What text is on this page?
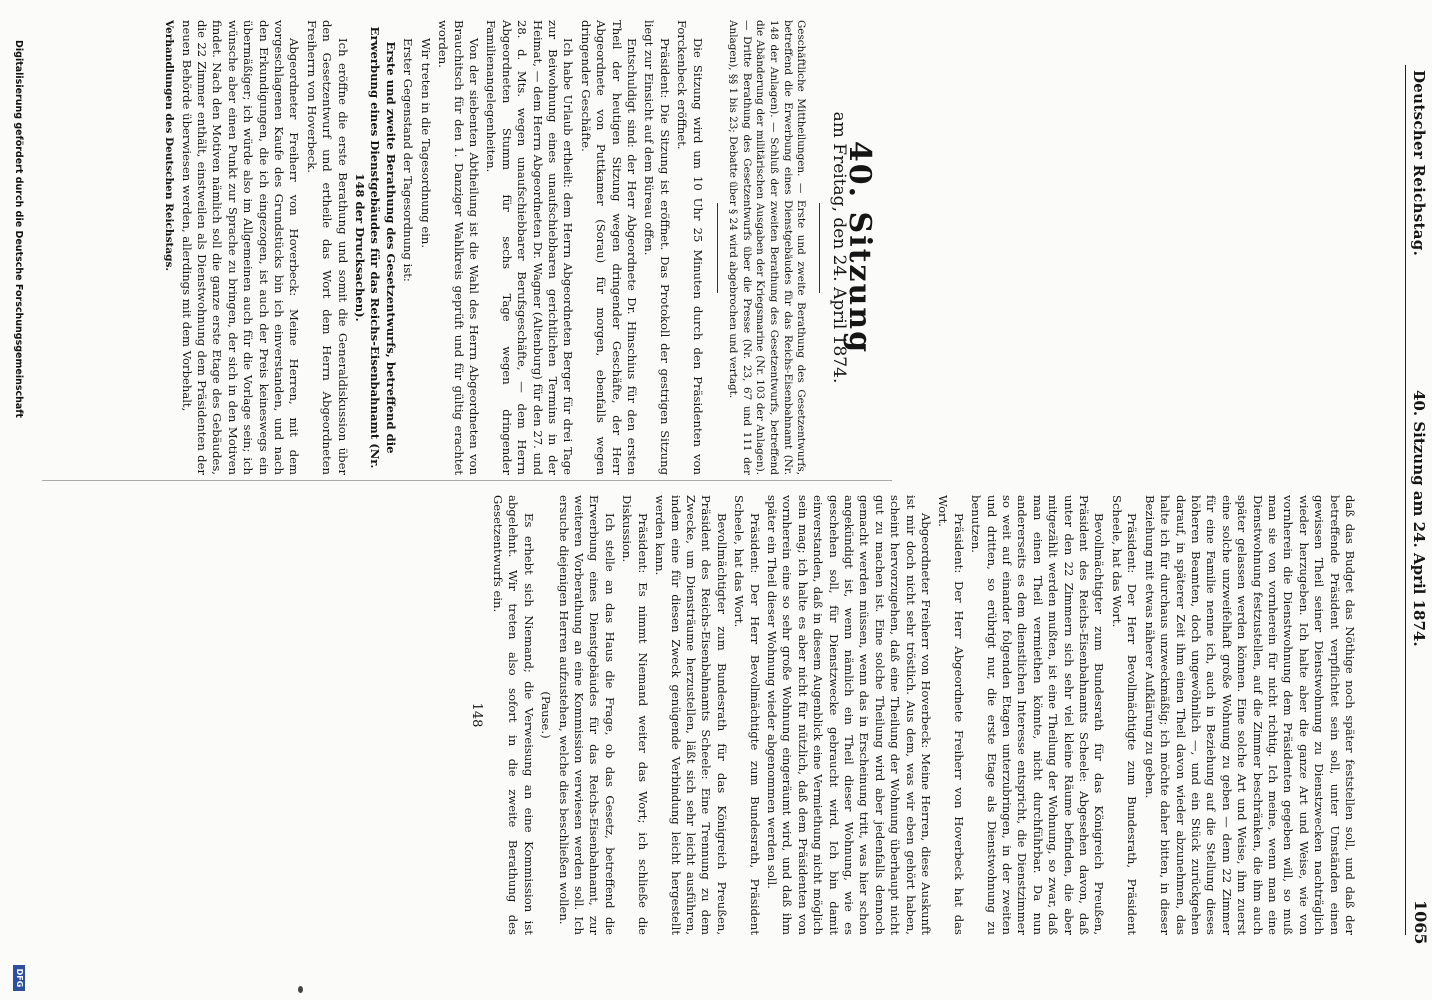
Deutscher Reichstag.
40. Sitzung am 24. April 1874.
1065
40. Sitzung
am Freitag, den 24. April 1874.

Geschäftliche Mittheilungen. — Erste und zweite Berathung des Gesetzentwurfs, betreffend die Erwerbung eines Dienstgebäudes für das Reichs-Eisenbahnamt (Nr. 148 der Anlagen). — Schluß der zweiten Berathung des Gesetzentwurfs, betreffend die Abänderung der militärischen Ausgaben der Kriegsmarine (Nr. 103 der Anlagen). — Dritte Berathung des Gesetzentwurfs über die Presse (Nr. 23, 67 und 111 der Anlagen), §§ 1 bis 23; Debatte über § 24 wird abgebrochen und vertagt.

Die Sitzung wird um 10 Uhr 25 Minuten durch den Präsidenten von Forckenbeck eröffnet.

Präsident: Die Sitzung ist eröffnet. Das Protokoll der gestrigen Sitzung liegt zur Einsicht auf dem Büreau offen.

Entschuldigt sind: der Herr Abgeordnete Dr. Hinschius für den ersten Theil der heutigen Sitzung wegen dringender Geschäfte, der Herr Abgeordnete von Puttkamer (Sorau) für morgen, ebenfalls wegen dringender Geschäfte.

Ich habe Urlaub ertheilt: dem Herrn Abgeordneten Berger für drei Tage zur Beiwohnung eines unaufschiebbaren gerichtlichen Termins in der Heimat, — dem Herrn Abgeordneten Dr. Wagner (Altenburg) für den 27. und 28. d. Mts. wegen unaufschiebbarer Berufsgeschäfte, — dem Herrn Abgeordneten Stumm für sechs Tage wegen dringender Familienangelegenheiten.

Von der siebenten Abtheilung ist die Wahl des Herrn Abgeordneten von Brauchitsch für den 1. Danziger Wahlkreis geprüft und für gültig erachtet worden.

Wir treten in die Tagesordnung ein.

Erster Gegenstand der Tagesordnung ist:

Erste und zweite Berathung des Gesetzentwurfs, betreffend die Erwerbung eines Dienstgebäudes für das Reichs-Eisenbahnamt (Nr. 148 der Drucksachen).

Ich eröffne die erste Berathung und somit die Generaldiskussion über den Gesetzentwurf und ertheile das Wort dem Herrn Abgeordneten Freiherrn von Hoverbeck.

Abgeordneter Freiherr von Hoverbeck: Meine Herren, mit dem vorgeschlagenen Kaufe des Grundstücks bin ich einverstanden, und nach den Erkundigungen, die ich eingezogen, ist auch der Preis keineswegs ein übermäßiger; ich würde also im Allgemeinen auch für die Vorlage sein; ich wünsche aber einen Punkt zur Sprache zu bringen, der sich in den Motiven findet. Nach den Motiven nämlich soll die ganze erste Etage des Gebäudes, die 22 Zimmer enthält, einstweilen als Dienstwohnung dem Präsidenten der neuen Behörde überwiesen werden, allerdings mit dem Vorbehalt,

Verhandlungen des Deutschen Reichstags.

daß das Budget das Nöthige noch später feststellen soll, und daß der betreffende Präsident verpflichtet sein soll, unter Umständen einen gewissen Theil seiner Dienstwohnung zu Dienstzwecken nachträglich wieder herzugeben. Ich halte aber die ganze Art und Weise, wie von vornherein die Dienstwohnung dem Präsidenten gegeben will, so muß man sie von vornherein für nicht richtig. Ich meine, wenn man eine Dienstwohnung festzustellen, auf die Zimmer beschränken, die ihm auch später gelassen werden können. Eine solche Art und Weise, ihm zuerst eine solche unzweifelhaft große Wohnung zu geben — denn 22 Zimmer für eine Familie nenne ich, auch in Beziehung auf die Stellung dieses höheren Beamten, doch ungewöhnlich —, und ein Stück zurückgehen darauf, in späterer Zeit ihm einen Theil davon wieder abzunehmen, das halte ich für durchaus unzweckmäßig; ich möchte daher bitten, in dieser Beziehung mit etwas näherer Aufklärung zu geben.

Präsident: Der Herr Bevollmächtigte zum Bundesrath, Präsident Scheele, hat das Wort.

Bevollmächtigter zum Bundesrath für das Königreich Preußen, Präsident des Reichs-Eisenbahnamts Scheele: Abgesehen davon, daß unter den 22 Zimmern sich sehr viel kleine Räume befinden, die aber mitgezählt werden mußten, ist eine Theilung der Wohnung, so zwar, daß man einen Theil vermiethen könnte, nicht durchführbar. Da nun andererseits es dem dienstlichen Interesse entspricht, die Dienstzimmer so weit auf einander folgenden Etagen unterzubringen, in der zweiten und dritten, so erübrigt nur, die erste Etage als Dienstwohnung zu benutzen.

Präsident: Der Herr Abgeordnete Freiherr von Hoverbeck hat das Wort.

Abgeordneter Freiherr von Hoverbeck: Meine Herren, diese Auskunft ist mir doch nicht sehr tröstlich. Aus dem, was wir eben gehört haben, scheint hervorzugehen, daß eine Theilung der Wohnung überhaupt nicht gut zu machen ist. Eine solche Theilung wird aber jedenfalls dennoch gemacht werden müssen, wenn das in Erscheinung tritt, was hier schon angekündigt ist, wenn nämlich ein Theil dieser Wohnung, wie es geschehen soll, für Dienstzwecke gebraucht wird. Ich bin damit einverstanden, daß in diesem Augenblick eine Vermiethung nicht möglich sein mag; ich halte es aber nicht für nützlich, daß dem Präsidenten von vornherein eine so sehr große Wohnung eingeräumt wird, und daß ihm später ein Theil dieser Wohnung wieder abgenommen werden soll.

Präsident: Der Herr Bevollmächtigte zum Bundesrath, Präsident Scheele, hat das Wort.

Bevollmächtigter zum Bundesrath für das Königreich Preußen, Präsident des Reichs-Eisenbahnamts Scheele: Eine Trennung zu dem Zwecke, um Diensträume herzustellen, läßt sich sehr leicht ausführen, indem eine für diesen Zweck genügende Verbindung leicht hergestellt werden kann.

Präsident: Es nimmt Niemand weiter das Wort; ich schließe die Diskussion.

Ich stelle an das Haus die Frage, ob das Gesetz, betreffend die Erwerbung eines Dienstgebäudes für das Reichs-Eisenbahnamt, zur weiteren Vorberathung an eine Kommission verwiesen werden soll. Ich ersuche diejenigen Herren aufzustehen, welche dies beschließen wollen.

(Pause.)

Es erhebt sich Niemand; die Verweisung an eine Kommission ist abgelehnt. Wir treten also sofort in die zweite Berathung des Gesetzentwurfs ein.

148
Digitalisierung gefördert durch die Deutsche Forschungsgemeinschaft
DFG
